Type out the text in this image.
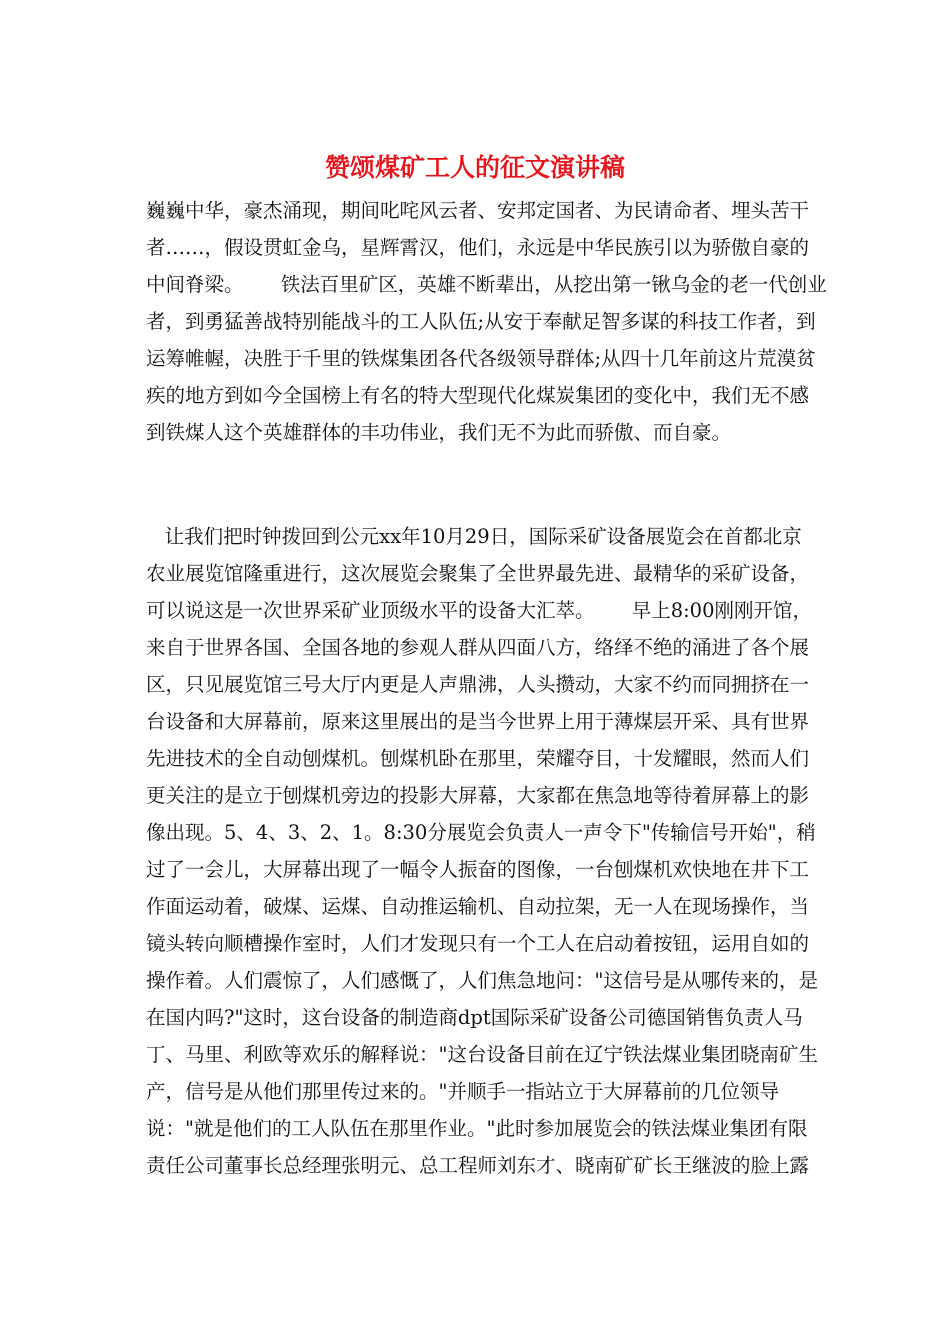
赞颂煤矿工人的征文演讲稿

巍巍中华，豪杰涌现，期间叱咤风云者、安邦定国者、为民请命者、埋头苦干

者……，假设贯虹金乌，星辉霄汉，他们，永远是中华民族引以为骄傲自豪的

中间脊梁。      铁法百里矿区，英雄不断辈出，从挖出第一锹乌金的老一代创业

者，到勇猛善战特别能战斗的工人队伍;从安于奉献足智多谋的科技工作者，到

运筹帷幄，决胜于千里的铁煤集团各代各级领导群体;从四十几年前这片荒漠贫

疾的地方到如今全国榜上有名的特大型现代化煤炭集团的变化中，我们无不感

到铁煤人这个英雄群体的丰功伟业，我们无不为此而骄傲、而自豪。

让我们把时钟拨回到公元xx年10月29日，国际采矿设备展览会在首都北京

农业展览馆隆重进行，这次展览会聚集了全世界最先进、最精华的采矿设备，

可以说这是一次世界采矿业顶级水平的设备大汇萃。      早上8:00刚刚开馆，

来自于世界各国、全国各地的参观人群从四面八方，络绎不绝的涌进了各个展

区，只见展览馆三号大厅内更是人声鼎沸，人头攒动，大家不约而同拥挤在一

台设备和大屏幕前，原来这里展出的是当今世界上用于薄煤层开采、具有世界

先进技术的全自动刨煤机。刨煤机卧在那里，荣耀夺目，十发耀眼，然而人们

更关注的是立于刨煤机旁边的投影大屏幕，大家都在焦急地等待着屏幕上的影

像出现。5、4、3、2、1。8:30分展览会负责人一声令下"传输信号开始"，稍

过了一会儿，大屏幕出现了一幅令人振奋的图像，一台刨煤机欢快地在井下工

作面运动着，破煤、运煤、自动推运输机、自动拉架，无一人在现场操作，当

镜头转向顺槽操作室时，人们才发现只有一个工人在启动着按钮，运用自如的

操作着。人们震惊了，人们感慨了，人们焦急地问："这信号是从哪传来的，是

在国内吗?"这时，这台设备的制造商dpt国际采矿设备公司德国销售负责人马

丁、马里、利欧等欢乐的解释说："这台设备目前在辽宁铁法煤业集团晓南矿生

产，信号是从他们那里传过来的。"并顺手一指站立于大屏幕前的几位领导

说："就是他们的工人队伍在那里作业。"此时参加展览会的铁法煤业集团有限

责任公司董事长总经理张明元、总工程师刘东才、晓南矿矿长王继波的脸上露
